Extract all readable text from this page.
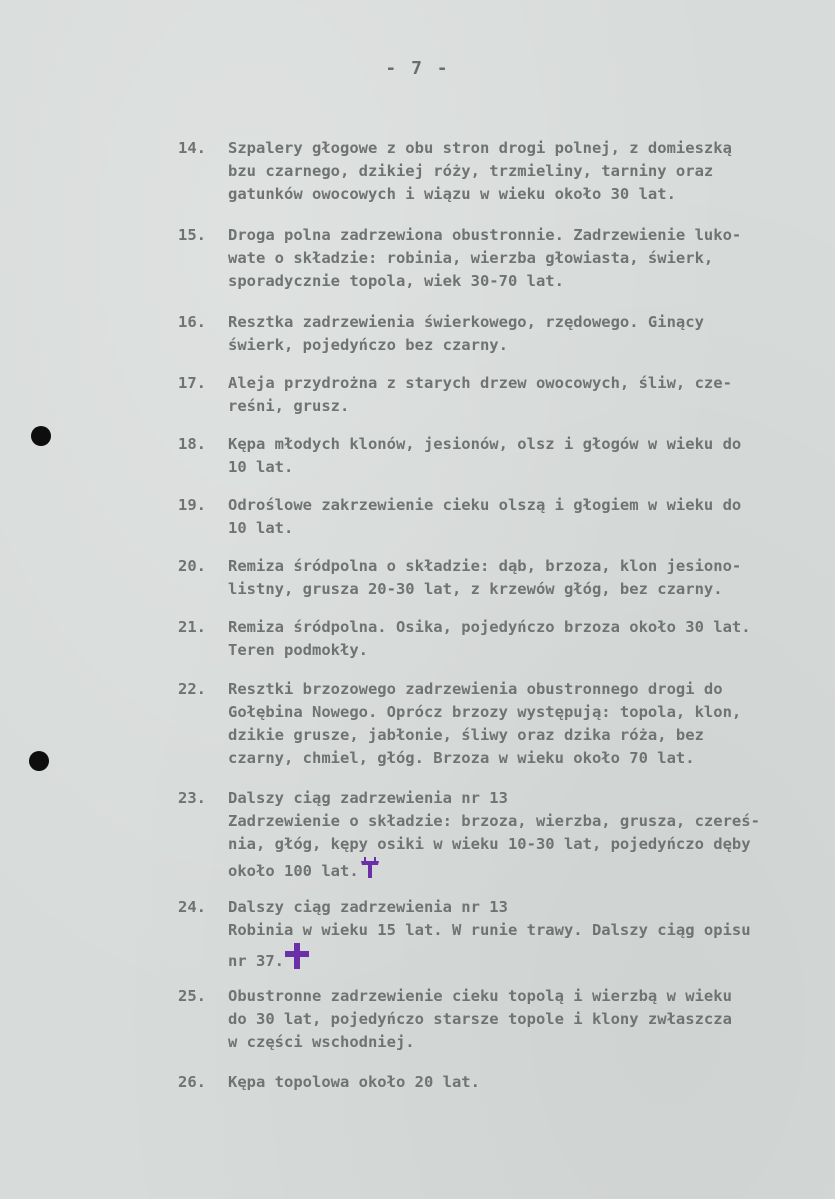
- 7 -
14.	Szpalery głogowe z obu stron drogi polnej, z domieszką
bzu czarnego, dzikiej róży, trzmieliny, tarniny oraz
gatunków owocowych i wiązu w wieku około 30 lat.
15.	Droga polna zadrzewiona obustronnie. Zadrzewienie luko-
wate o składzie: robinia, wierzba głowiasta, świerk,
sporadycznie topola, wiek 30-70 lat.
16.	Resztka zadrzewienia świerkowego, rzędowego. Ginący
świerk, pojedyńczo bez czarny.
17.	Aleja przydrożna z starych drzew owocowych, śliw, cze-
reśni, grusz.
18.	Kępa młodych klonów, jesionów, olsz i głogów w wieku do
10 lat.
19.	Odroślowe zakrzewienie cieku olszą i głogiem w wieku do
10 lat.
20.	Remiza śródpolna o składzie: dąb, brzoza, klon jesiono-
listny, grusza 20-30 lat, z krzewów głóg, bez czarny.
21.	Remiza śródpolna. Osika, pojedyńczo brzoza około 30 lat.
Teren podmokły.
22.	Resztki brzozowego zadrzewienia obustronnego drogi do
Gołębina Nowego. Oprócz brzozy występują: topola, klon,
dzikie grusze, jabłonie, śliwy oraz dzika róża, bez
czarny, chmiel, głóg. Brzoza w wieku około 70 lat.
23.	Dalszy ciąg zadrzewienia nr 13
Zadrzewienie o składzie: brzoza, wierzba, grusza, czereś-
nia, głóg, kępy osiki w wieku 10-30 lat, pojedyńczo dęby
około 100 lat.
24.	Dalszy ciąg zadrzewienia nr 13
Robinia w wieku 15 lat. W runie trawy. Dalszy ciąg opisu
nr 37.
25.	Obustronne zadrzewienie cieku topolą i wierzbą w wieku
do 30 lat, pojedyńczo starsze topole i klony zwłaszcza
w części wschodniej.
26.	Kępa topolowa około 20 lat.
